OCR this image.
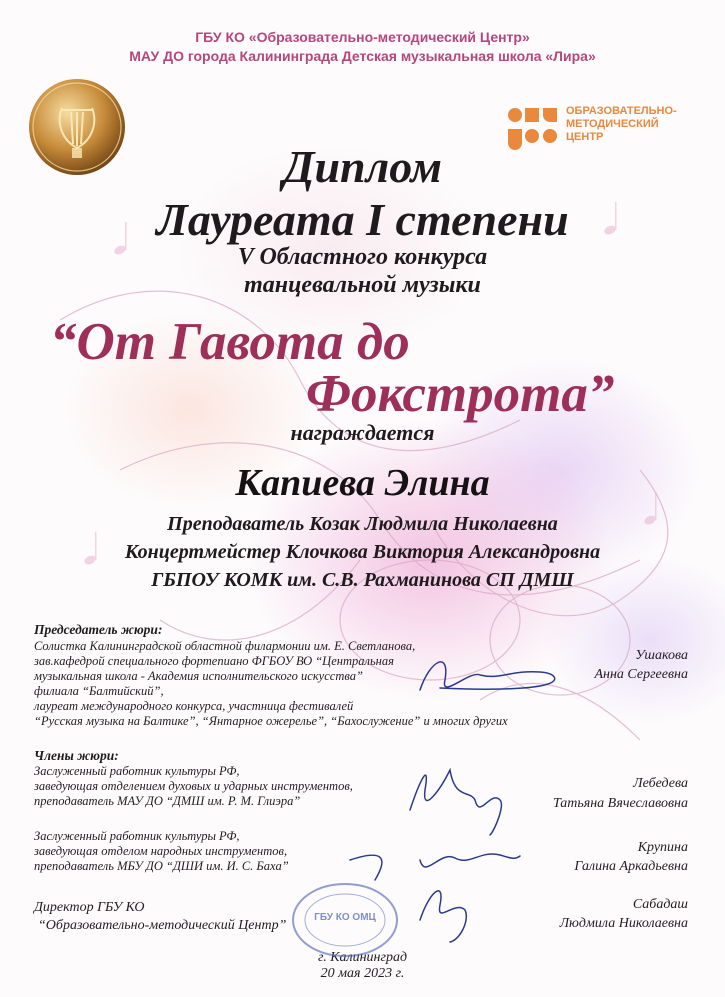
ГБУ КО «Образовательно-методический Центр»

МАУ ДО города Калининграда Детская музыкальная школа «Лира»

ОБРАЗОВАТЕЛЬНО-
МЕТОДИЧЕСКИЙ
ЦЕНТР

Диплом

Лауреата I степени

V Областного конкурса

танцевальной музыки

“От Гавота до

Фокстрота”

награждается

Капиева Элина

Преподаватель Козак Людмила Николаевна

Концертмейстер Клочкова Виктория Александровна

ГБПОУ КОМК им. С.В. Рахманинова СП ДМШ

Председатель жюри:

Солистка Калининградской областной филармонии им. Е. Светланова,

зав.кафедрой специального фортепиано ФГБОУ ВО “Центральная

музыкальная школа - Академия исполнительского искусства”

филиала “Балтийский”,

лауреат международного конкурса, участница фестивалей

“Русская музыка на Балтике”, “Янтарное ожерелье”, “Бахослужение” и многих других

Ушакова

Анна Сергеевна

Члены жюри:

Заслуженный работник культуры РФ,

заведующая отделением духовых и ударных инструментов,

преподаватель МАУ ДО “ДМШ им. Р. М. Глиэра”

Лебедева

Татьяна Вячеславовна

Заслуженный работник культуры РФ,

заведующая отделом народных инструментов,

преподаватель МБУ ДО “ДШИ им. И. С. Баха”

Крупина

Галина Аркадьевна

Директор ГБУ КО

“Образовательно-методический Центр”

Сабадаш

Людмила Николаевна

г. Калининград

20 мая 2023 г.

ГБУ КО ОМЦ
